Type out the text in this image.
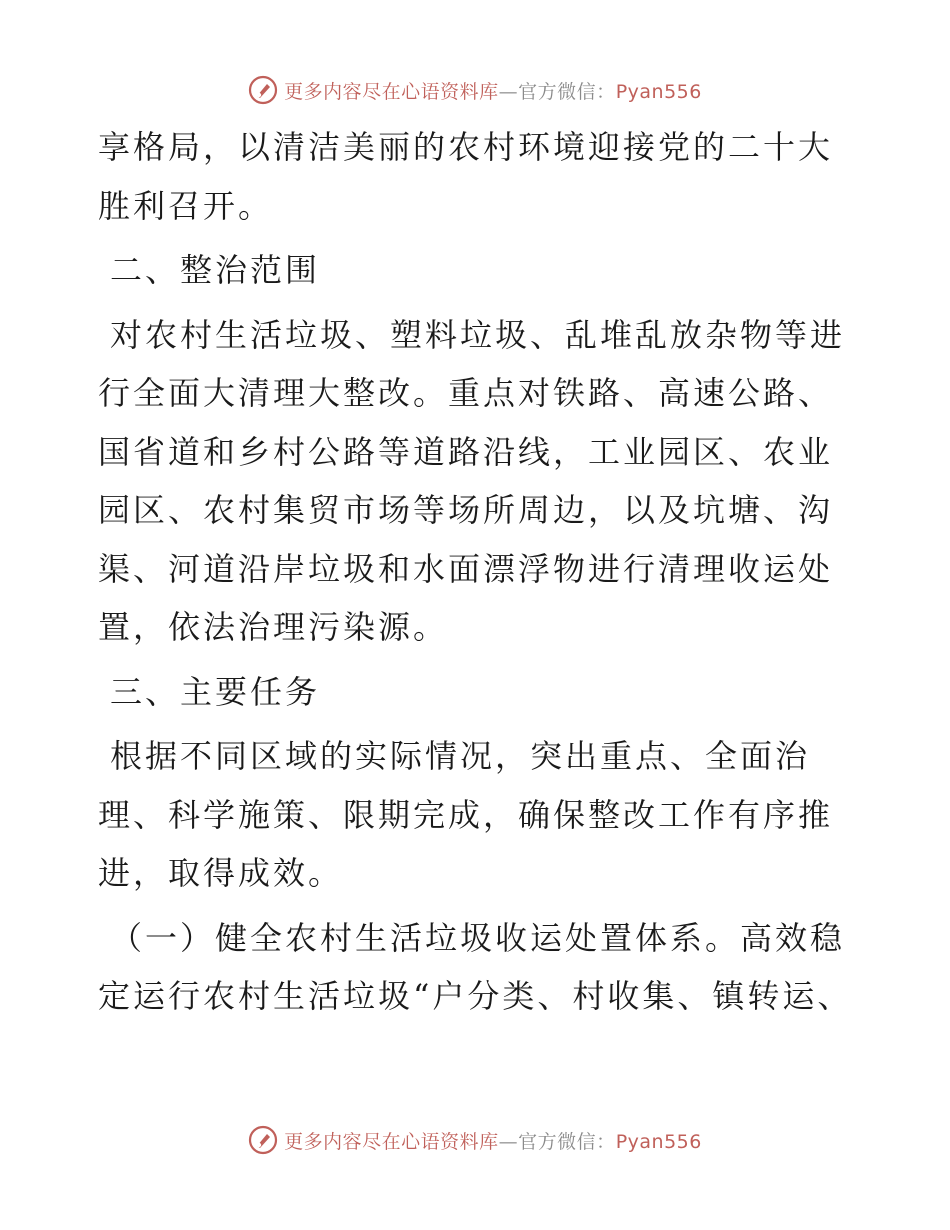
更多内容尽在心语资料库—官方微信：Pyan556

享格局，以清洁美丽的农村环境迎接党的二十大胜利召开。

二、整治范围

对农村生活垃圾、塑料垃圾、乱堆乱放杂物等进行全面大清理大整改。重点对铁路、高速公路、国省道和乡村公路等道路沿线，工业园区、农业园区、农村集贸市场等场所周边，以及坑塘、沟渠、河道沿岸垃圾和水面漂浮物进行清理收运处置，依法治理污染源。

三、主要任务

根据不同区域的实际情况，突出重点、全面治理、科学施策、限期完成，确保整改工作有序推进，取得成效。

（一）健全农村生活垃圾收运处置体系。高效稳定运行农村生活垃圾“户分类、村收集、镇转运、

更多内容尽在心语资料库—官方微信：Pyan556
